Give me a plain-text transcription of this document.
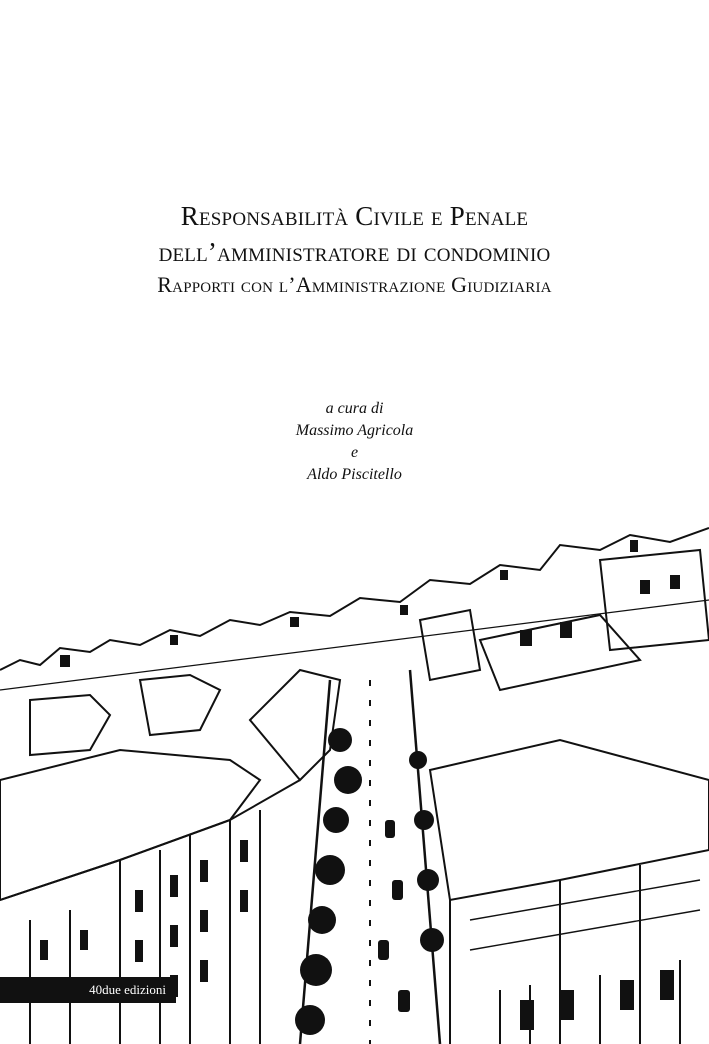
Responsabilità Civile e Penale
dell’amministratore di condominio
Rapporti con l’Amministrazione Giudiziaria
a cura di
Massimo Agricola
e
Aldo Piscitello
40due edizioni
